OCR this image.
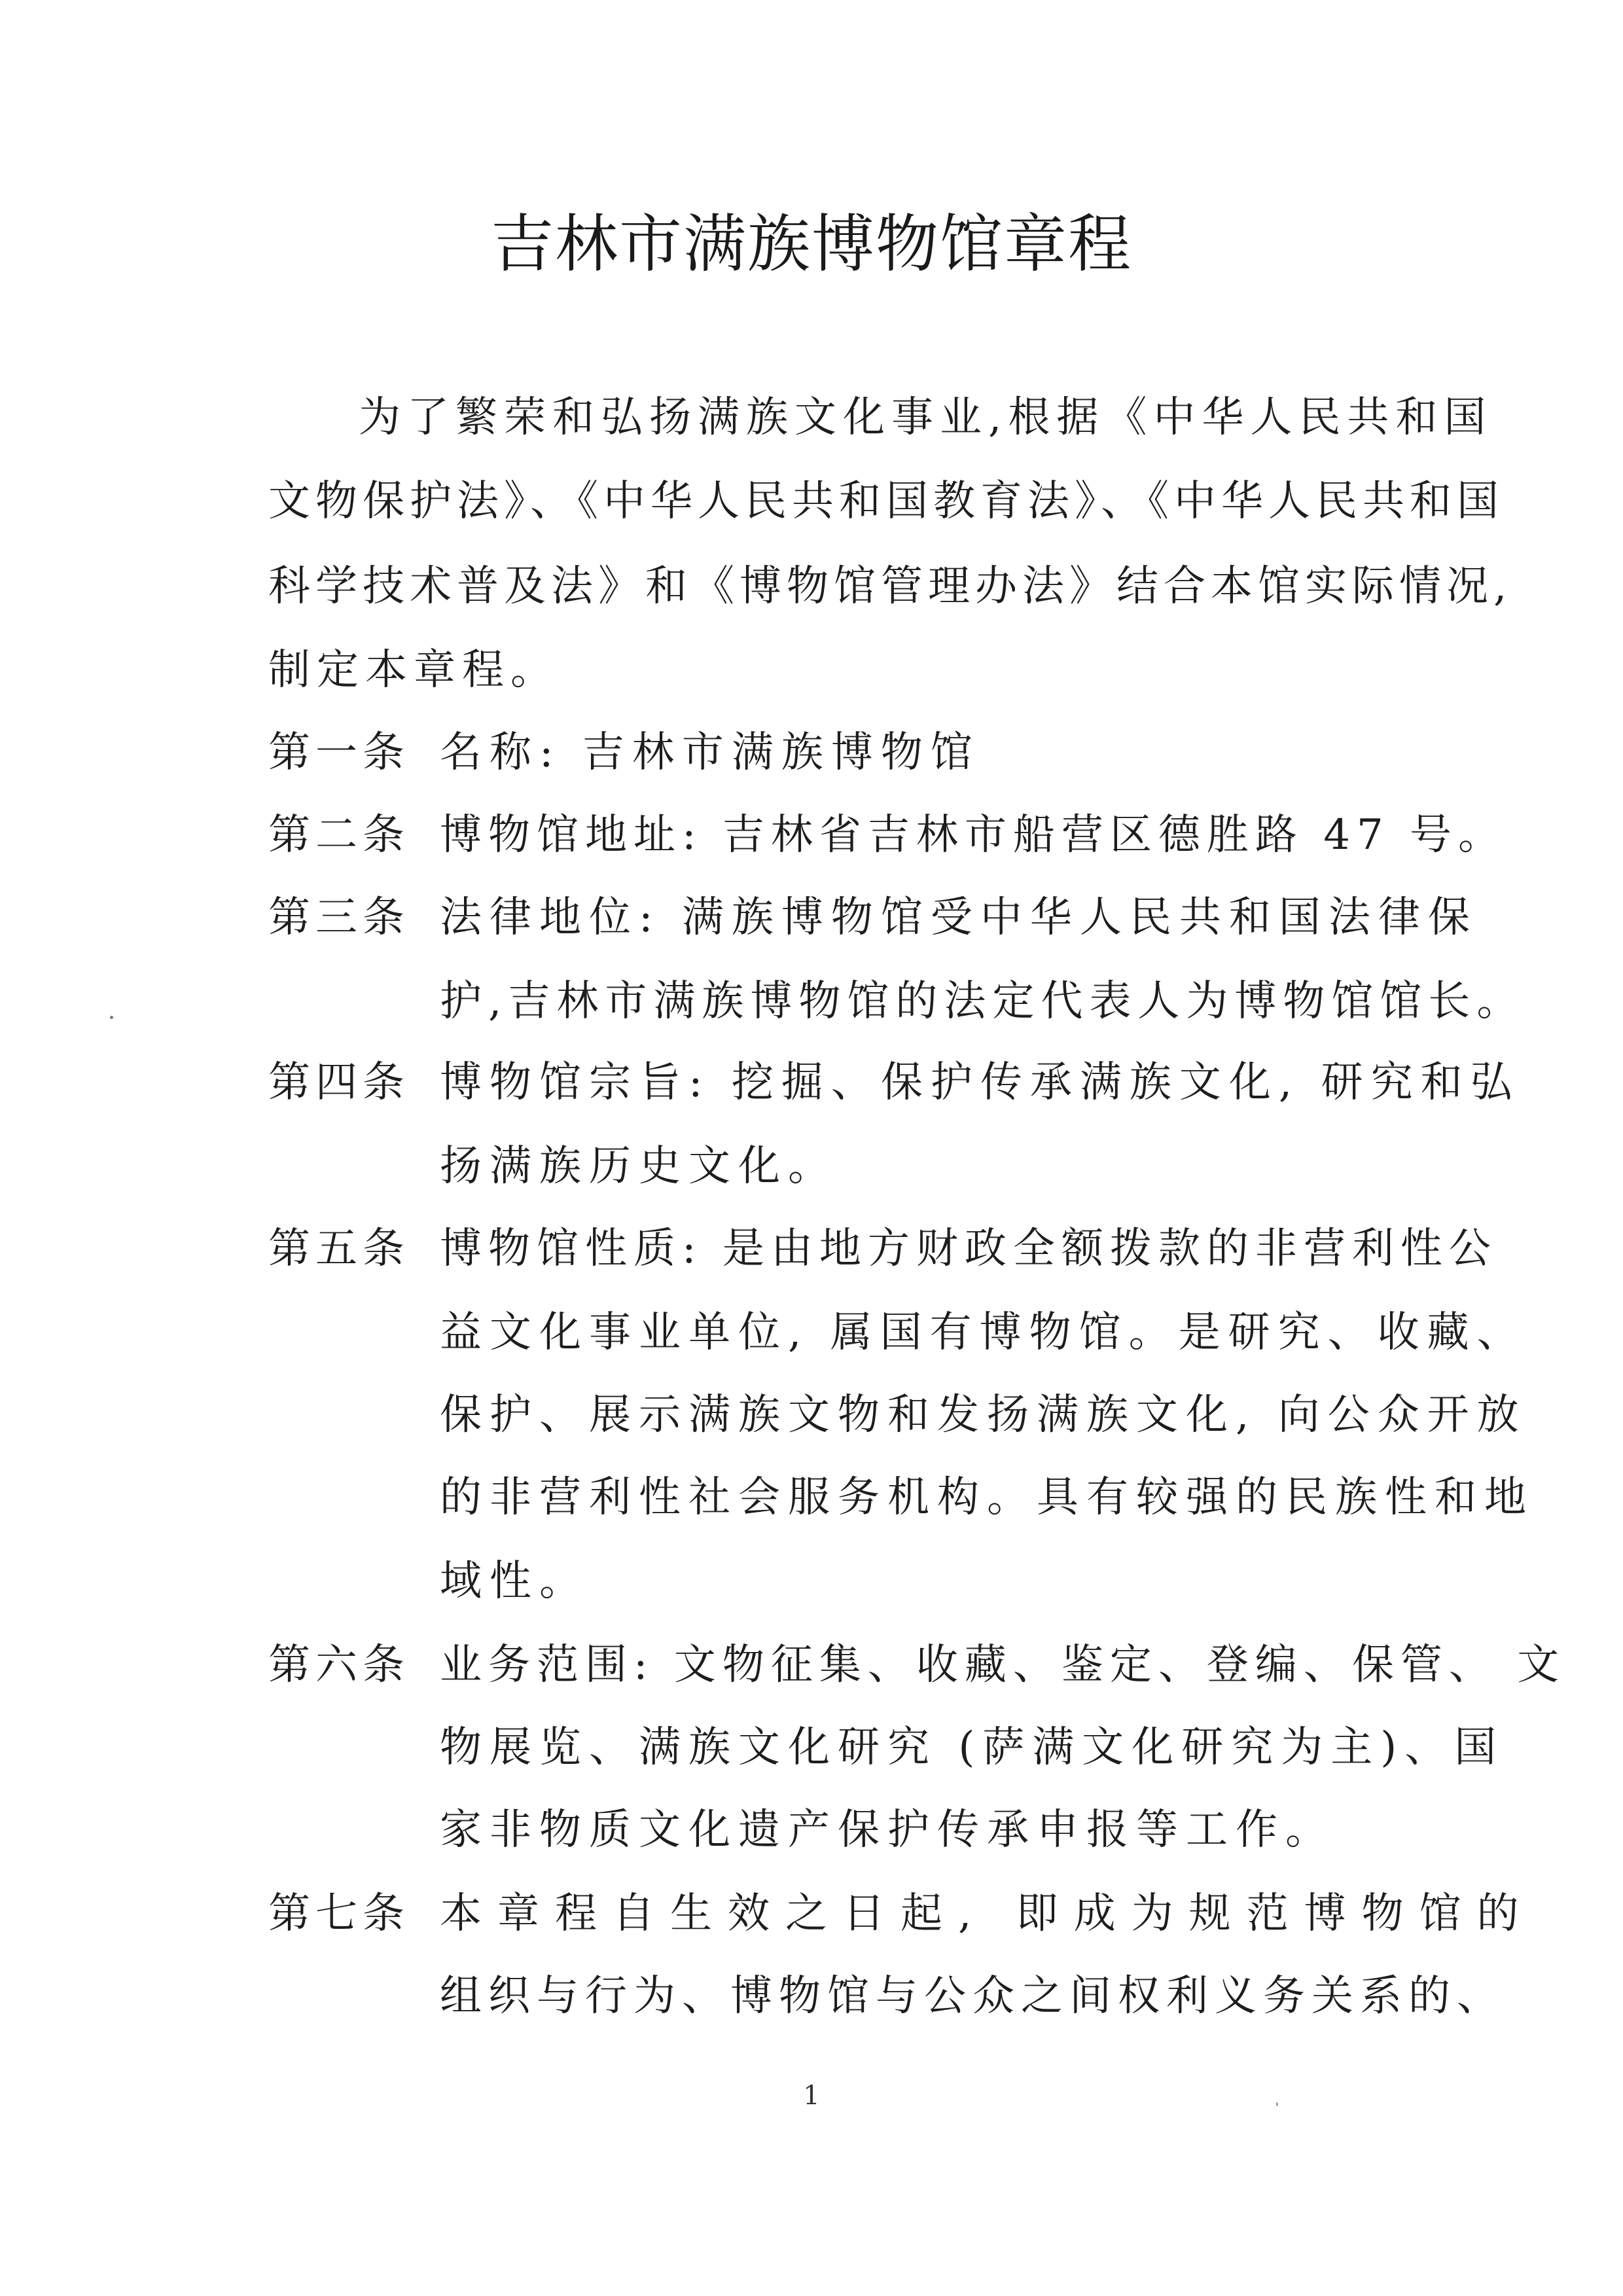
吉林市满族博物馆章程
为了繁荣和弘扬满族文化事业,根据《中华人民共和国
文物保护法》、《中华人民共和国教育法》、《中华人民共和国
科学技术普及法》和《博物馆管理办法》结合本馆实际情况,
制定本章程。
第一条 名称: 吉林市满族博物馆
第二条 博物馆地址: 吉林省吉林市船营区德胜路 47 号。
第三条 法律地位: 满族博物馆受中华人民共和国法律保
护,吉林市满族博物馆的法定代表人为博物馆馆长。
第四条 博物馆宗旨: 挖掘、保护传承满族文化, 研究和弘
扬满族历史文化。
第五条 博物馆性质: 是由地方财政全额拨款的非营利性公
益文化事业单位, 属国有博物馆。是研究、收藏、
保护、展示满族文物和发扬满族文化, 向公众开放
的非营利性社会服务机构。具有较强的民族性和地
域性。
第六条 业务范围: 文物征集、收藏、鉴定、登编、保管、 文
物展览、满族文化研究 (萨满文化研究为主)、国
家非物质文化遗产保护传承申报等工作。
第七条 本章程自生效之日起, 即成为规范博物馆的
组织与行为、博物馆与公众之间权利义务关系的、
1
